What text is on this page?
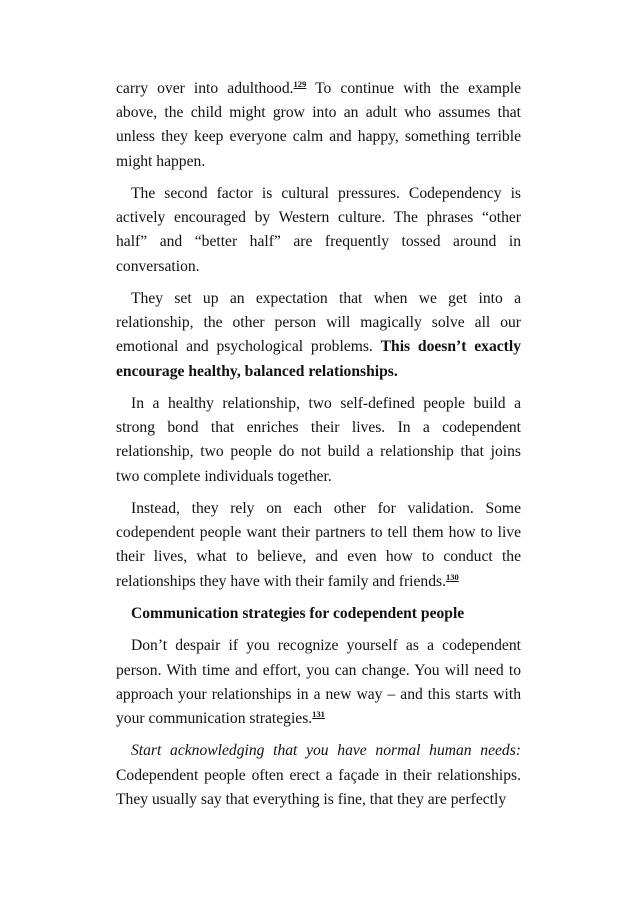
carry over into adulthood.$^{129}$ To continue with the example above, the child might grow into an adult who assumes that unless they keep everyone calm and happy, something terrible might happen.

The second factor is cultural pressures. Codependency is actively encouraged by Western culture. The phrases “other half” and “better half” are frequently tossed around in conversation.

They set up an expectation that when we get into a relationship, the other person will magically solve all our emotional and psychological problems. This doesn’t exactly encourage healthy, balanced relationships.

In a healthy relationship, two self-defined people build a strong bond that enriches their lives. In a codependent relationship, two people do not build a relationship that joins two complete individuals together.

Instead, they rely on each other for validation. Some codependent people want their partners to tell them how to live their lives, what to believe, and even how to conduct the relationships they have with their family and friends.$^{130}$

Communication strategies for codependent people

Don’t despair if you recognize yourself as a codependent person. With time and effort, you can change. You will need to approach your relationships in a new way – and this starts with your communication strategies.$^{131}$

Start acknowledging that you have normal human needs: Codependent people often erect a façade in their relationships. They usually say that everything is fine, that they are perfectly
